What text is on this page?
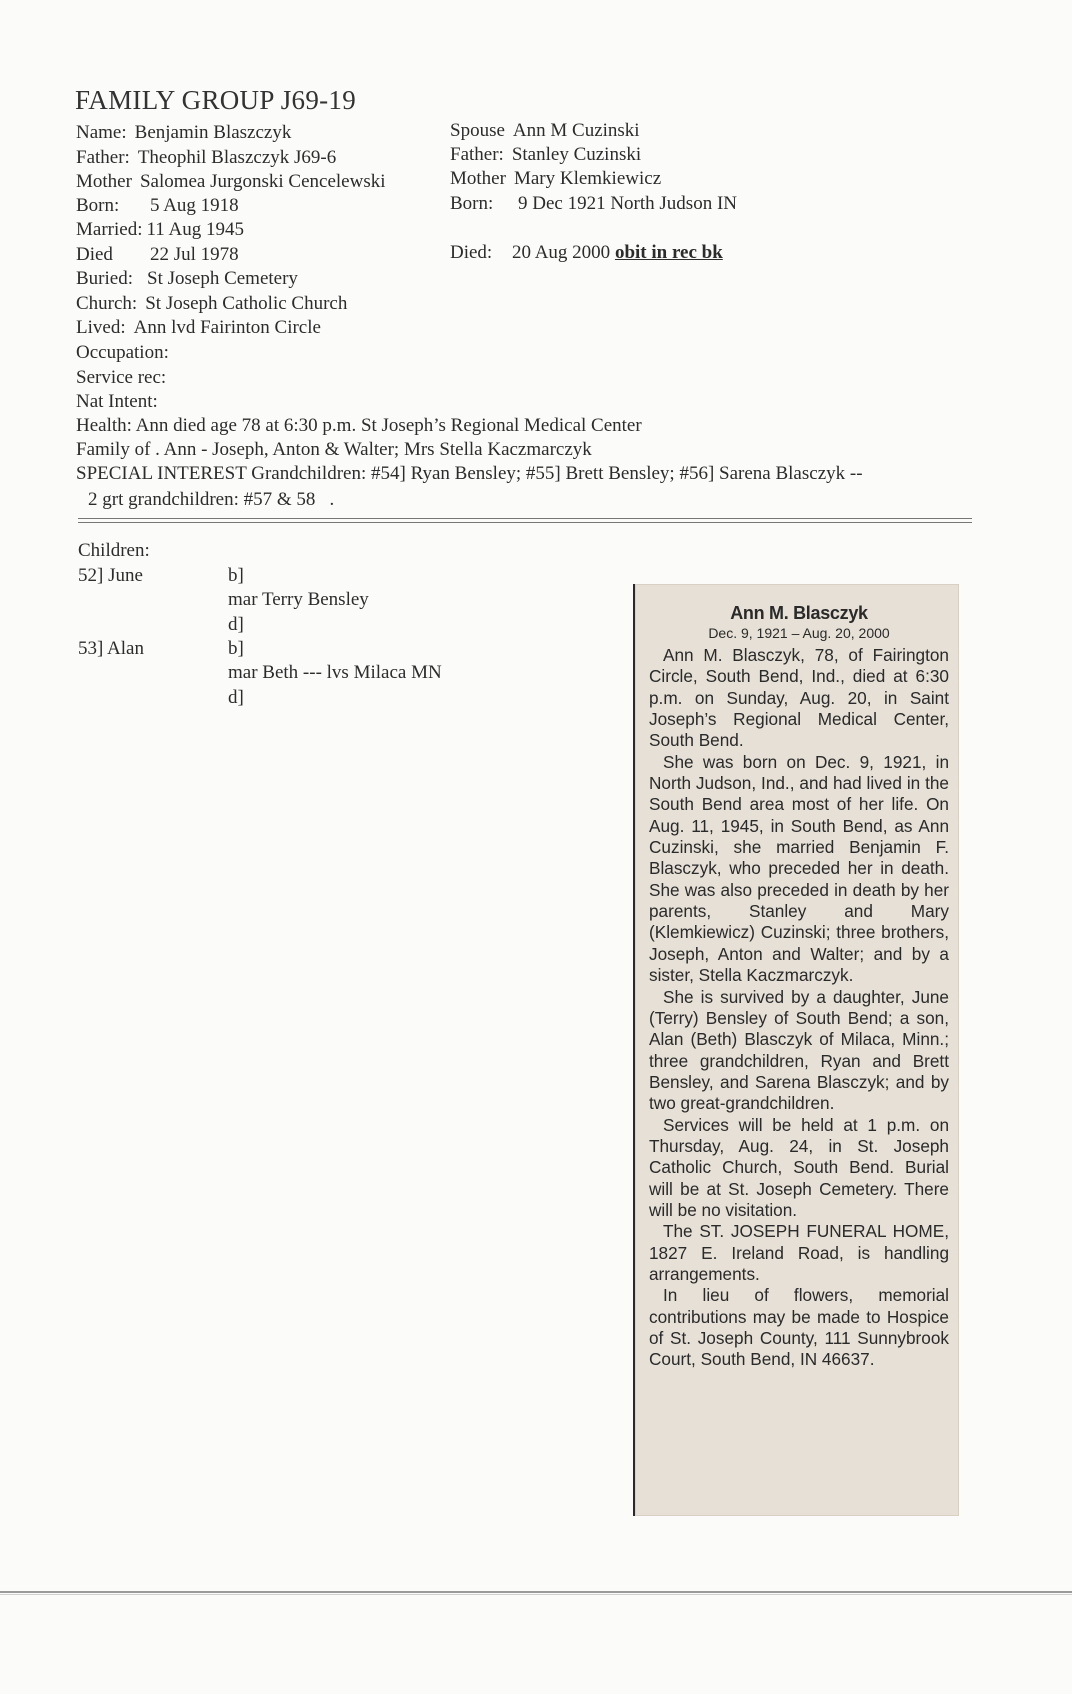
FAMILY GROUP J69-19
Name: Benjamin Blaszczyk
Father: Theophil Blaszczyk J69-6
Mother Salomea Jurgonski Cencelewski
Born: 5 Aug 1918
Married: 11 Aug 1945
Died 22 Jul 1978
Buried: St Joseph Cemetery
Church: St Joseph Catholic Church
Lived: Ann lvd Fairinton Circle
Occupation:
Service rec:
Nat Intent:
Spouse Ann M Cuzinski
Father: Stanley Cuzinski
Mother Mary Klemkiewicz
Born: 9 Dec 1921 North Judson IN
Died: 20 Aug 2000 obit in rec bk
Health: Ann died age 78 at 6:30 p.m. St Joseph’s Regional Medical Center
Family of . Ann - Joseph, Anton & Walter; Mrs Stella Kaczmarczyk
SPECIAL INTEREST Grandchildren: #54] Ryan Bensley; #55] Brett Bensley; #56] Sarena Blasczyk --
2 grt grandchildren: #57 & 58 .
Children:
52] June	b]
mar Terry Bensley
d]
53] Alan	b]
mar Beth --- lvs Milaca MN
d]
Ann M. Blasczyk
Dec. 9, 1921 – Aug. 20, 2000

Ann M. Blasczyk, 78, of Fairington Circle, South Bend, Ind., died at 6:30 p.m. on Sunday, Aug. 20, in Saint Joseph’s Regional Medical Center, South Bend.

She was born on Dec. 9, 1921, in North Judson, Ind., and had lived in the South Bend area most of her life. On Aug. 11, 1945, in South Bend, as Ann Cuzinski, she married Benjamin F. Blasczyk, who preceded her in death. She was also preceded in death by her parents, Stanley and Mary (Klemkiewicz) Cuzinski; three brothers, Joseph, Anton and Walter; and by a sister, Stella Kaczmarczyk.

She is survived by a daughter, June (Terry) Bensley of South Bend; a son, Alan (Beth) Blasczyk of Milaca, Minn.; three grandchildren, Ryan and Brett Bensley, and Sarena Blasczyk; and by two great-grandchildren.

Services will be held at 1 p.m. on Thursday, Aug. 24, in St. Joseph Catholic Church, South Bend. Burial will be at St. Joseph Cemetery. There will be no visitation.

The ST. JOSEPH FUNERAL HOME, 1827 E. Ireland Road, is handling arrangements.

In lieu of flowers, memorial contributions may be made to Hospice of St. Joseph County, 111 Sunnybrook Court, South Bend, IN 46637.
